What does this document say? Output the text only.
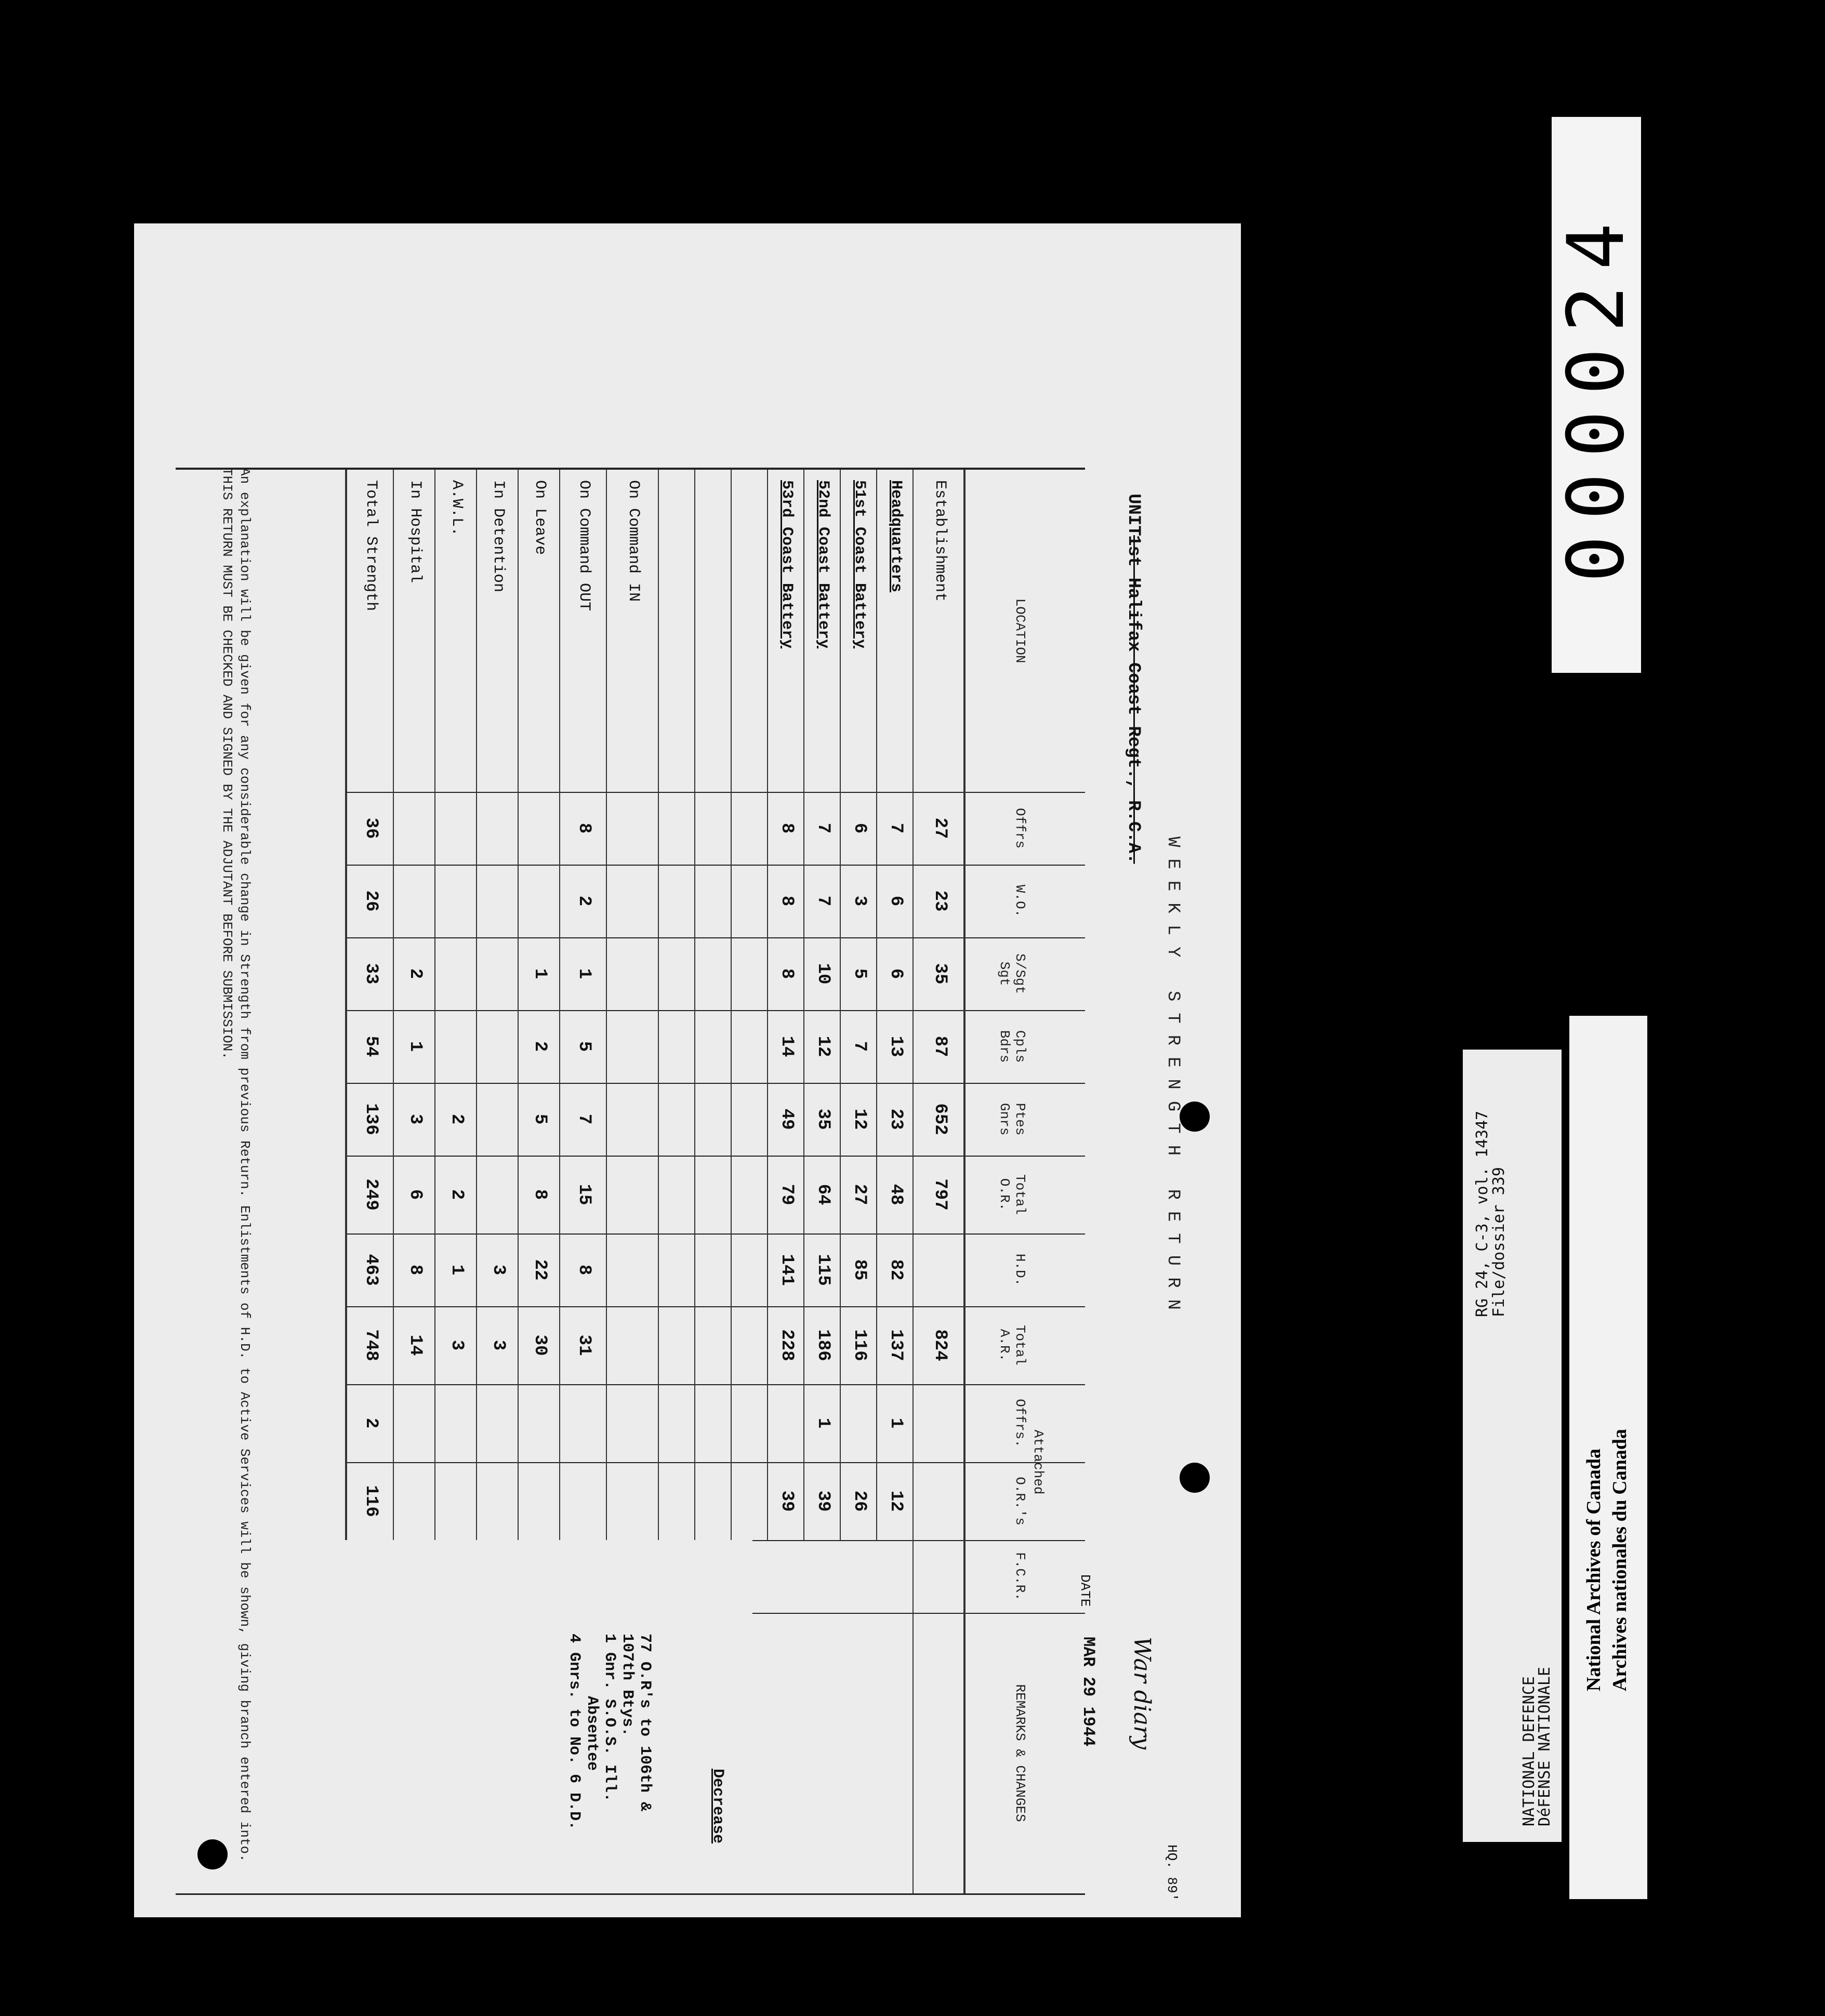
WEEKLY STRENGTH RETURN
HQ. 89'
UNIT
1st Halifax Coast Regt., R.C.A.
War diary
DATE
MAR 29 1944
LOCATION
Offrs
W.O.
S/Sgt
Sgt
Cpls
Bdrs
Ptes
Gnrs
Total
O.R.
H.D.
Total
A.R.
Offrs.
O.R.'s
F.C.R.
REMARKS & CHANGES
Attached
Establishment
27
23
35
87
652
797
824
Headquarters
7
6
6
13
23
48
82
137
1
12
51st Coast Battery
6
3
5
7
12
27
85
116
26
52nd Coast Battery
7
7
10
12
35
64
115
186
1
39
53rd Coast Battery
8
8
8
14
49
79
141
228
39
On Command IN
On Command OUT
8
2
1
5
7
15
8
31
On Leave
1
2
5
8
22
30
In Detention
3
3
A.W.L.
2
2
1
3
In Hospital
2
1
3
6
8
14
Total Strength
36
26
33
54
136
249
463
748
2
116
Decrease
77 O.R's to 106th &
107th Btys.
1 Gnr. S.O.S. Ill.
Absentee
4 Gnrs. to No. 6 D.D.
An explanation will be given for any considerable change in Strength from previous Return. Enlistments of H.D. to Active Services will be shown, giving branch entered into. THIS RETURN MUST BE CHECKED AND SIGNED BY THE ADJUTANT BEFORE SUBMISSION.
000024
NATIONAL DEFENCE
DéFENSE NATIONALE
RG 24, C-3, vol. 14347
File/dossier 339
National Archives of Canada Archives nationales du Canada
